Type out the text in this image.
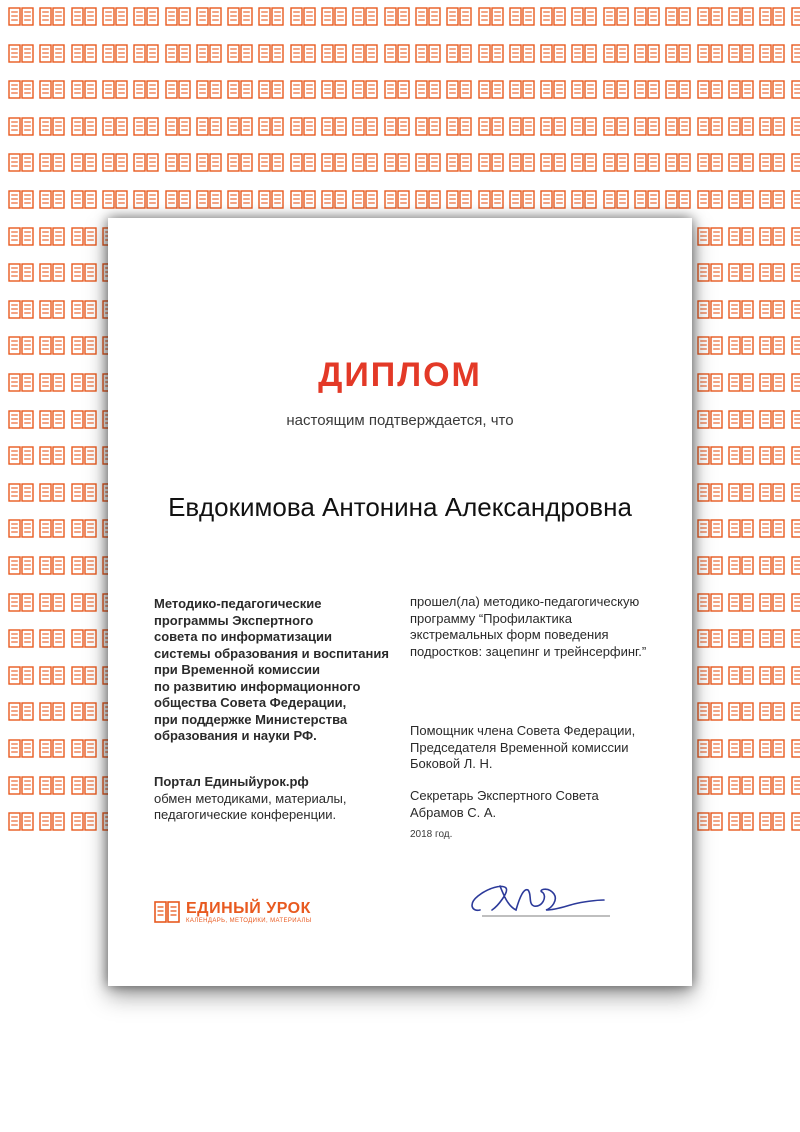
ДИПЛОМ
настоящим подтверждается, что
Евдокимова Антонина Александровна
Методико-педагогические
программы Экспертного
совета по информатизации
системы образования и воспитания
при Временной комиссии
по развитию информационного
общества Совета Федерации,
при поддержке Министерства
образования и науки РФ.
Портал Единыйурок.рф
обмен методиками, материалы,
педагогические конференции.
прошел(ла) методико-педагогическую
программу “Профилактика
экстремальных форм поведения
подростков: зацепинг и трейнсерфинг.”
Помощник члена Совета Федерации,
Председателя Временной комиссии
Боковой Л. Н.
Секретарь Экспертного Совета
Абрамов С. А.
2018 год.
ЕДИНЫЙ УРОК
КАЛЕНДАРЬ, МЕТОДИКИ, МАТЕРИАЛЫ
